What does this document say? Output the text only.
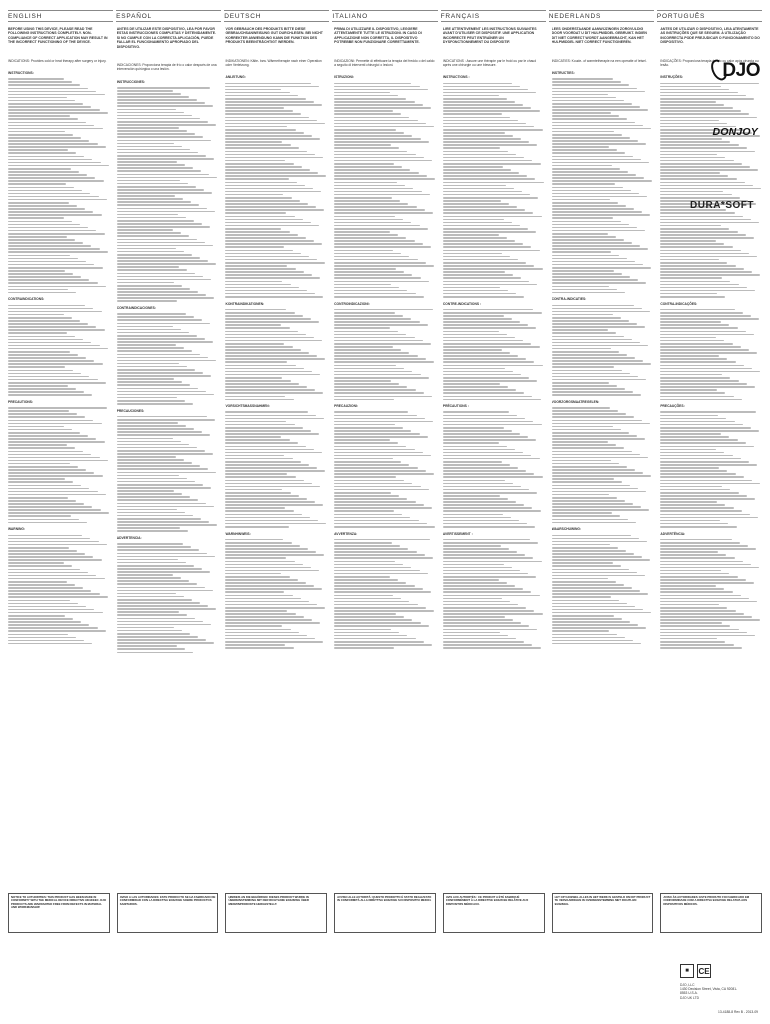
ENGLISH	ESPAÑOL	DEUTSCH	ITALIANO	FRANÇAIS	NEDERLANDS	PORTUGUÊS
BEFORE USING THIS DEVICE, PLEASE READ THE FOLLOWING INSTRUCTIONS COMPLETELY. NON-COMPLIANCE OF CORRECT APPLICATION MAY RESULT IN THE INCORRECT FUNCTIONING OF THE DEVICE.
INDICATIONS: Provides cold or heat therapy after surgery or injury.
INSTRUCTIONS:
CONTRAINDICATIONS:
PRECAUTIONS:
WARNING:
ANTES DE UTILIZAR ESTE DISPOSITIVO, LEA POR FAVOR ESTAS INSTRUCCIONES COMPLETAS Y DETENIDAMENTE. SI NO CUMPLE CON LA CORRECTA APLICACIÓN, PUEDE FALLAR EL FUNCIONAMIENTO APROPIADO DEL DISPOSITIVO.
INDICACIONES: Proporciona terapia de frío o calor después de una intervención quirúrgica o una lesión.
INSTRUCCIONES:
CONTRAINDICACIONES:
PRECAUCIONES:
ADVERTENCIA:
VOR GEBRAUCH DES PRODUKTS BITTE DIESE GEBRAUCHSANWEISUNG GUT DURCHLESEN. BEI NICHT KORREKTER ANWENDUNG KANN DIE FUNKTION DES PRODUKTS BEEINTRÄCHTIGT WERDEN.
INDIKATIONEN: Kälte- bzw. Wärmetherapie nach einer Operation oder Verletzung.
ANLEITUNG:
KONTRAINDIKATIONEN:
VORSICHTSMASSNAHMEN:
WARNHINWEIS:
PRIMA DI UTILIZZARE IL DISPOSITIVO, LEGGERE ATTENTAMENTE TUTTE LE ISTRUZIONI. IN CASO DI APPLICAZIONE NON CORRETTA, IL DISPOSITIVO POTREBBE NON FUNZIONARE CORRETTAMENTE.
INDICAZIONI: Permette di effettuare la terapia del freddo o del caldo a seguito di interventi chirurgici o lesioni.
ISTRUZIONI:
CONTROINDICAZIONI:
PRECAUZIONI:
AVVERTENZA:
LIRE ATTENTIVEMENT LES INSTRUCTIONS SUIVANTES AVANT D'UTILISER CE DISPOSITIF. UNE APPLICATION INCORRECTE PEUT ENTRAÎNER UN DYSFONCTIONNEMENT DU DISPOSITIF.
INDICATIONS : Assure une thérapie par le froid ou par le chaud après une chirurgie ou une blessure.
INSTRUCTIONS :
CONTRE-INDICATIONS :
PRÉCAUTIONS :
AVERTISSEMENT :
LEES ONDERSTAANDE AANWIJZINGEN ZORGVULDIG DOOR VOORDAT U DIT HULPMIDDEL GEBRUIKT. INDIEN DIT NIET CORRECT WORDT AANGEBRACHT, KAN HET HULPMIDDEL NIET CORRECT FUNCTIONEREN.
INDICATIES: Koude- of warmtetherapie na een operatie of letsel.
INSTRUCTIES:
CONTRA-INDICATIES:
VOORZORGSMAATREGELEN:
WAARSCHUWING:
ANTES DE UTILIZAR O DISPOSITIVO, LEIA ATENTAMENTE AS INSTRUÇÕES QUE SE SEGUEM. A UTILIZAÇÃO INCORRECTA PODE PREJUDICAR O FUNCIONAMENTO DO DISPOSITIVO.
INDICAÇÕES: Proporciona terapia de frio ou calor após cirurgia ou lesão.
INSTRUÇÕES:
CONTRA-INDICAÇÕES:
PRECAUÇÕES:
ADVERTÊNCIA:
NOTICE TO AUTHORITIES: THIS PRODUCT HAS BEEN MADE IN CONFORMITY WITH THE MEDICAL DEVICE DIRECTIVE 93/42/EEC. DJO PRODUCTS ARE WARRANTED FREE FROM DEFECTS IN MATERIAL AND WORKMANSHIP.
AVISO A LAS AUTORIDADES: ESTE PRODUCTO SE HA FABRICADO DE CONFORMIDAD CON LA DIRECTIVA 93/42/CEE SOBRE PRODUCTOS SANITARIOS.
HINWEIS AN DIE BEHÖRDEN: DIESES PRODUKT WURDE IN ÜBEREINSTIMMUNG MIT DER RICHTLINIE 93/42/EWG ÜBER MEDIZINPRODUKTE HERGESTELLT.
AVVISO ALLE AUTORITÀ: QUESTO PRODOTTO È STATO REALIZZATO IN CONFORMITÀ ALLA DIRETTIVA 93/42/CEE SUI DISPOSITIVI MEDICI.
AVIS AUX AUTORITÉS : CE PRODUIT A ÉTÉ FABRIQUÉ CONFORMÉMENT À LA DIRECTIVE 93/42/CEE RELATIVE AUX DISPOSITIFS MÉDICAUX.
LET OP! HOEWEL ALLES IN HET WERK IS GESTELD OM DIT PRODUCT TE VERVAARDIGEN IN OVEREENSTEMMING MET RICHTLIJN 93/42/EEG.
AVISO ÀS AUTORIDADES: ESTE PRODUTO FOI FABRICADO EM CONFORMIDADE COM A DIRECTIVA 93/42/CEE RELATIVA AOS DISPOSITIVOS MÉDICOS.
DJO
DONJOY
DURA*SOFT
■	CE
DJO, LLC
1430 Decision Street, Vista, CA 92081-8553 U.S.A.
DJO UK LTD
13-4188-8 Rev B - 2013-09
